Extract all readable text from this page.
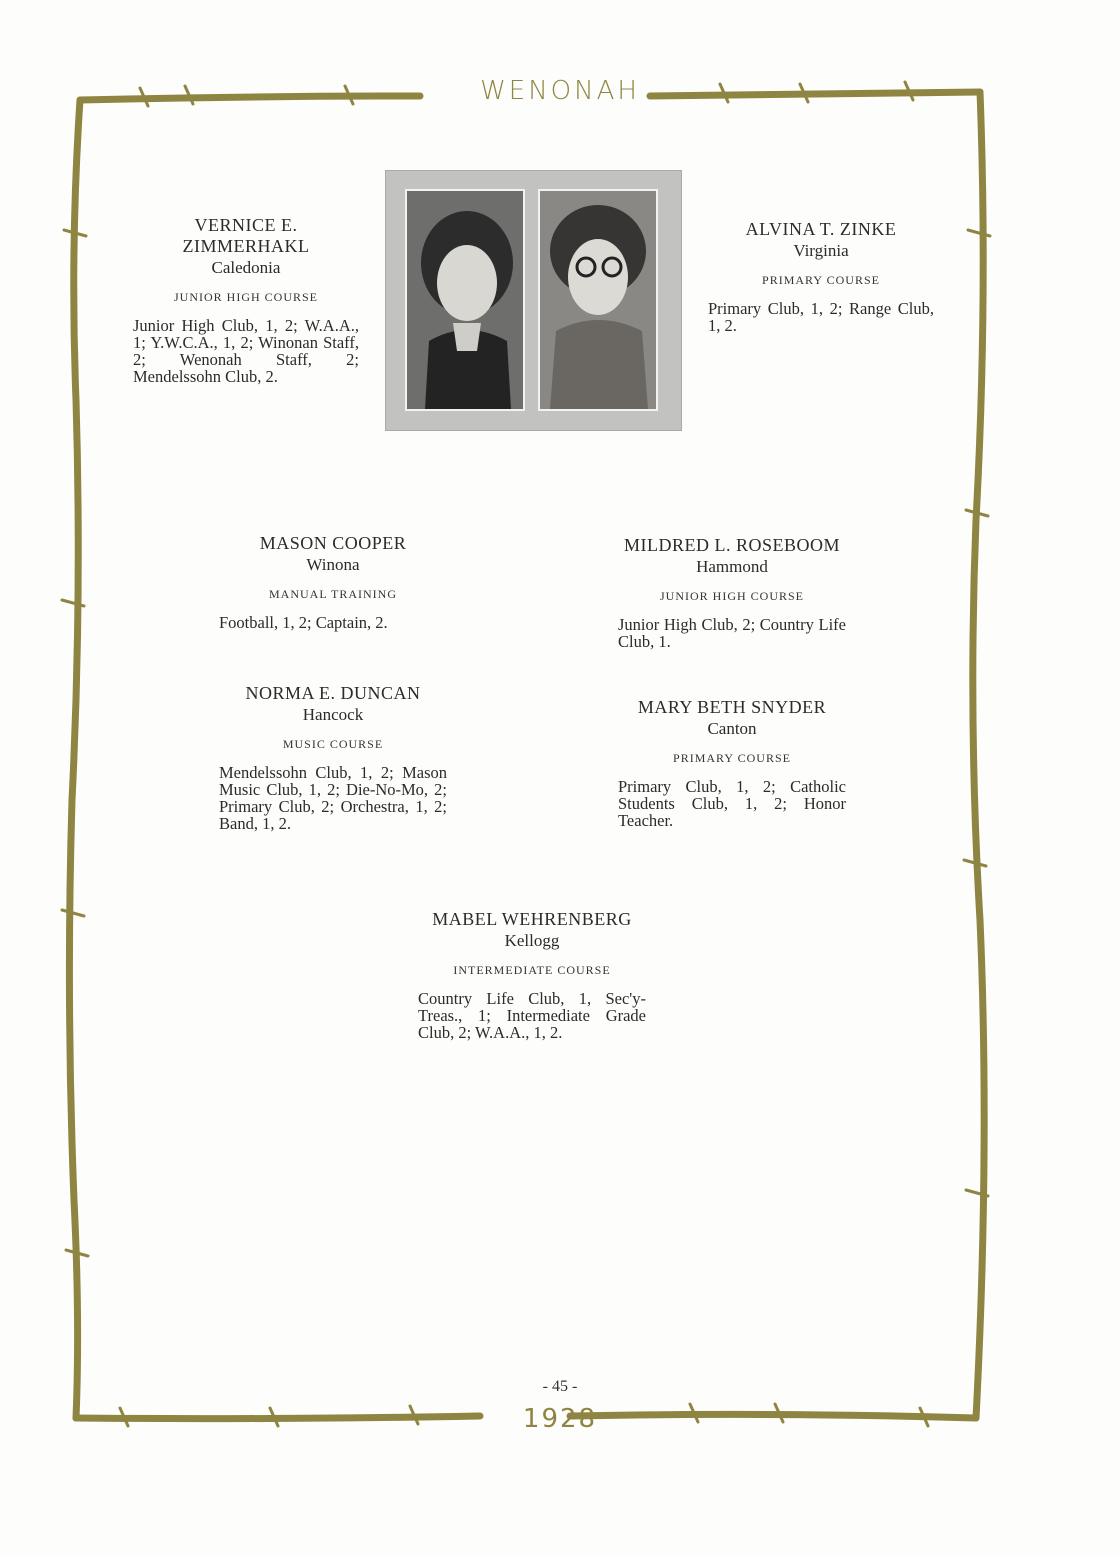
WENONAH
VERNICE E. ZIMMERHAKL
Caledonia
JUNIOR HIGH COURSE
Junior High Club, 1, 2; W.A.A., 1; Y.W.C.A., 1, 2; Winonan Staff, 2; Wenonah Staff, 2; Mendelssohn Club, 2.
ALVINA T. ZINKE
Virginia
PRIMARY COURSE
Primary Club, 1, 2; Range Club, 1, 2.
MASON COOPER
Winona
MANUAL TRAINING
Football, 1, 2; Captain, 2.
MILDRED L. ROSEBOOM
Hammond
JUNIOR HIGH COURSE
Junior High Club, 2; Country Life Club, 1.
NORMA E. DUNCAN
Hancock
MUSIC COURSE
Mendelssohn Club, 1, 2; Mason Music Club, 1, 2; Die-No-Mo, 2; Primary Club, 2; Orchestra, 1, 2; Band, 1, 2.
MARY BETH SNYDER
Canton
PRIMARY COURSE
Primary Club, 1, 2; Catholic Students Club, 1, 2; Honor Teacher.
MABEL WEHRENBERG
Kellogg
INTERMEDIATE COURSE
Country Life Club, 1, Sec'y-Treas., 1; Intermediate Grade Club, 2; W.A.A., 1, 2.
- 45 -
1928
